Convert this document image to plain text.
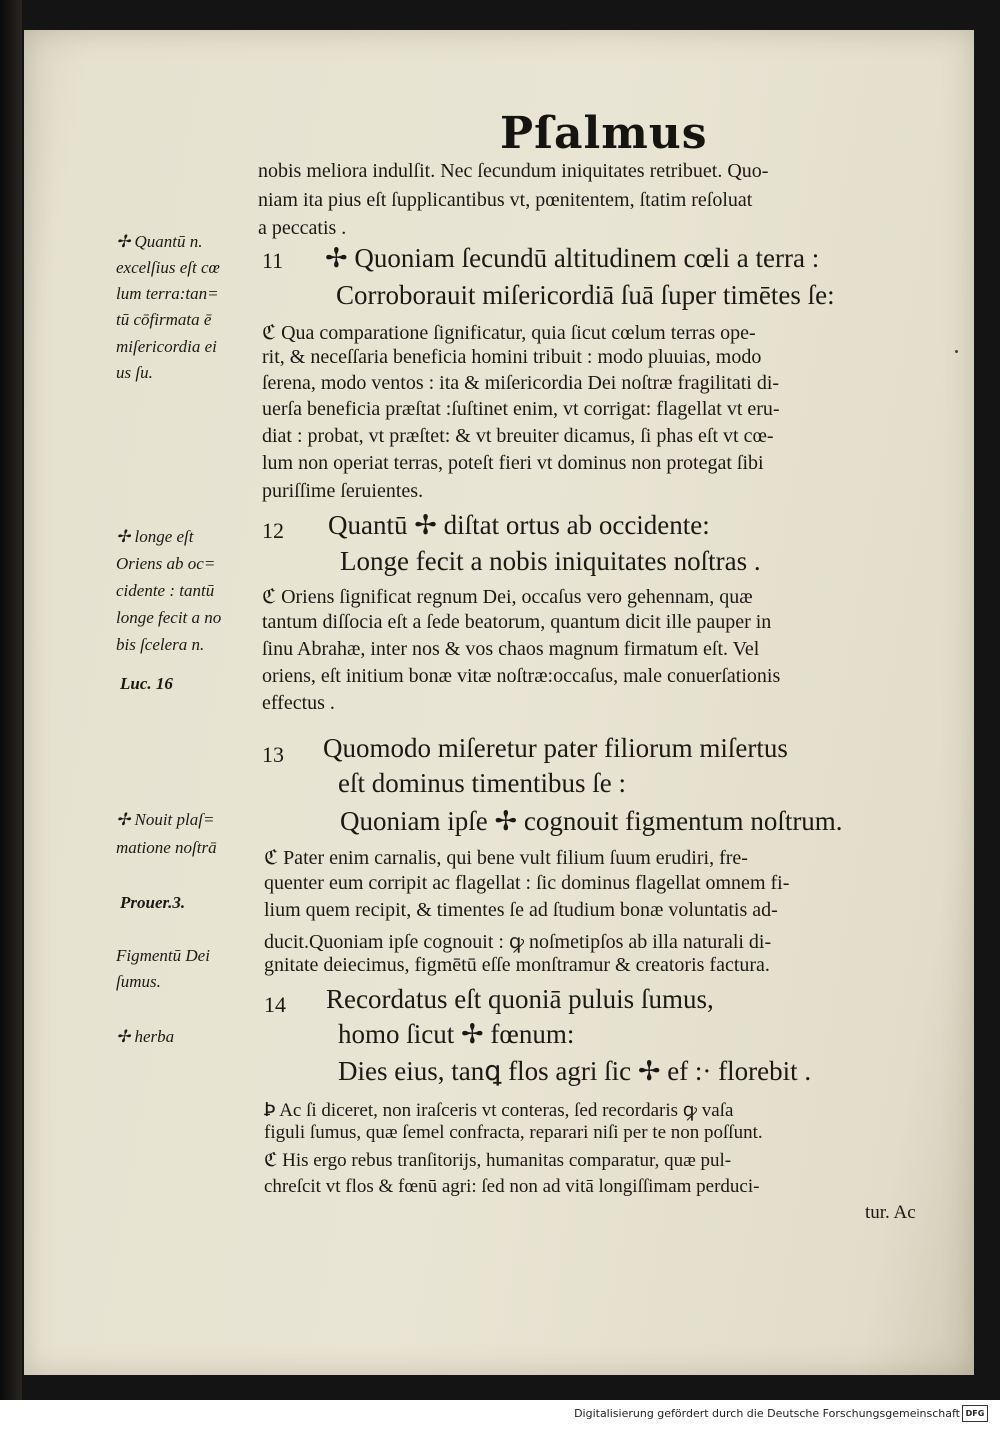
Pſalmus
nobis meliora indulſit. Nec ſecundum iniquitates retribuet. Quo-
niam ita pius eſt ſupplicantibus vt, pœnitentem, ſtatim reſoluat
a peccatis .
11 ✢ Quoniam ſecundū altitudinem cœli a terra :
Corroborauit miſericordiā ſuā ſuper timētes ſe:
ℭ Qua comparatione ſignificatur, quia ſicut cœlum terras ope-
rit, & neceſſaria beneficia homini tribuit : modo pluuias, modo
ſerena, modo ventos : ita & miſericordia Dei noſtræ fragilitati di-
uerſa beneficia præſtat :ſuſtinet enim, vt corrigat: flagellat vt eru-
diat : probat, vt præſtet: & vt breuiter dicamus, ſi phas eſt vt cœ-
lum non operiat terras, poteſt fieri vt dominus non protegat ſibi
puriſſime ſeruientes.
12 Quantū ✢ diſtat ortus ab occidente:
Longe fecit a nobis iniquitates noſtras .
ℭ Oriens ſignificat regnum Dei, occaſus vero gehennam, quæ
tantum diſſocia eſt a ſede beatorum, quantum dicit ille pauper in
ſinu Abrahæ, inter nos & vos chaos magnum firmatum eſt. Vel
oriens, eſt initium bonæ vitæ noſtræ:occaſus, male conuerſationis
effectus .
13 Quomodo miſeretur pater filiorum miſertus
eſt dominus timentibus ſe :
Quoniam ipſe ✢ cognouit figmentum noſtrum.
ℭ Pater enim carnalis, qui bene vult filium ſuum erudiri, fre-
quenter eum corripit ac flagellat : ſic dominus flagellat omnem fi-
lium quem recipit, & timentes ſe ad ſtudium bonæ voluntatis ad-
ducit.Quoniam ipſe cognouit : ꝙ noſmetipſos ab illa naturali di-
gnitate deiecimus, figmētū eſſe monſtramur & creatoris factura.
14 Recordatus eſt quoniā puluis ſumus,
homo ſicut ✢ fœnum:
Dies eius, tanꝗ flos agri ſic ✢ ef :· florebit .
Ꝧ Ac ſi diceret, non iraſceris vt conteras, ſed recordaris ꝙ vaſa
figuli ſumus, quæ ſemel confracta, reparari niſi per te non poſſunt.
ℭ His ergo rebus tranſitorijs, humanitas comparatur, quæ pul-
chreſcit vt flos & fœnū agri: ſed non ad vitā longiſſimam perduci-
tur. Ac
✢ Quantū n.
excelſius eſt cœ
lum terra:tan=
tū cōfirmata ē
miſericordia ei
us ſu.
✢ longe eſt
Oriens ab oc=
cidente : tantū
longe fecit a no
bis ſcelera n.
Luc. 16
✢ Nouit plaſ=
matione noſtrā
Prouer.3.
Figmentū Dei
ſumus.
✢ herba
Digitalisierung gefördert durch die Deutsche Forschungsgemeinschaft DFG
